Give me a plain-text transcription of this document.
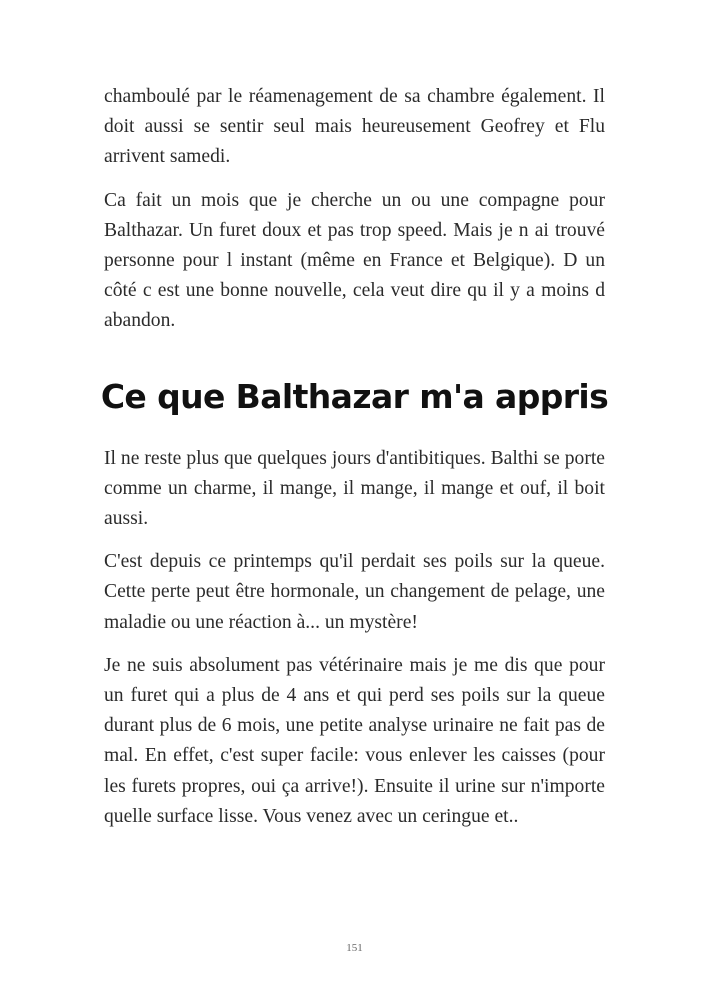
chamboulé par le réamenagement de sa chambre également. Il doit aussi se sentir seul mais heureusement Geofrey et Flu arrivent samedi.

Ca fait un mois que je cherche un ou une compagne pour Balthazar. Un furet doux et pas trop speed. Mais je n ai trouvé personne pour l instant (même en France et Belgique). D un côté c est une bonne nouvelle, cela veut dire qu il y a moins d abandon.

Ce que Balthazar m'a appris

Il ne reste plus que quelques jours d'antibitiques. Balthi se porte comme un charme, il mange, il mange, il mange et ouf, il boit aussi.

C'est depuis ce printemps qu'il perdait ses poils sur la queue. Cette perte peut être hormonale, un changement de pelage, une maladie ou une réaction à... un mystère!

Je ne suis absolument pas vétérinaire mais je me dis que pour un furet qui a plus de 4 ans et qui perd ses poils sur la queue durant plus de 6 mois, une petite analyse urinaire ne fait pas de mal. En effet, c'est super facile: vous enlever les caisses (pour les furets propres, oui ça arrive!). Ensuite il urine sur n'importe quelle surface lisse. Vous venez avec un ceringue et..

151
